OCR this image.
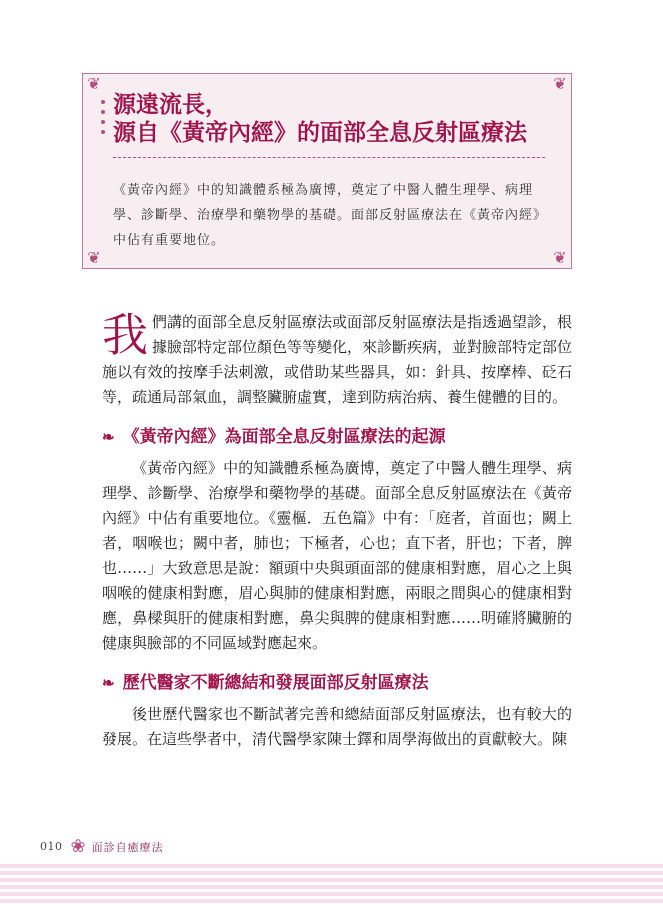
❦	❦
❦	❦
源遠流長，
源自《黃帝內經》的面部全息反射區療法
《黃帝內經》中的知識體系極為廣博，奠定了中醫人體生理學、病理學、診斷學、治療學和藥物學的基礎。面部反射區療法在《黃帝內經》中佔有重要地位。

我們講的面部全息反射區療法或面部反射區療法是指透過望診，根據臉部特定部位顏色等等變化，來診斷疾病，並對臉部特定部位施以有效的按摩手法刺激，或借助某些器具，如：針具、按摩棒、砭石等，疏通局部氣血，調整臟腑虛實，達到防病治病、養生健體的目的。

❧ 《黃帝內經》為面部全息反射區療法的起源

《黃帝內經》中的知識體系極為廣博，奠定了中醫人體生理學、病理學、診斷學、治療學和藥物學的基礎。面部全息反射區療法在《黃帝內經》中佔有重要地位。《靈樞．五色篇》中有：「庭者，首面也；闕上者，咽喉也；闕中者，肺也；下極者，心也；直下者，肝也；下者，脾也……」大致意思是說：額頭中央與頭面部的健康相對應，眉心之上與咽喉的健康相對應，眉心與肺的健康相對應，兩眼之間與心的健康相對應，鼻樑與肝的健康相對應，鼻尖與脾的健康相對應……明確將臟腑的健康與臉部的不同區域對應起來。

❧ 歷代醫家不斷總結和發展面部反射區療法

後世歷代醫家也不斷試著完善和總結面部反射區療法，也有較大的發展。在這些學者中，清代醫學家陳士鐸和周學海做出的貢獻較大。陳

010 ❀ 面診自癒療法
